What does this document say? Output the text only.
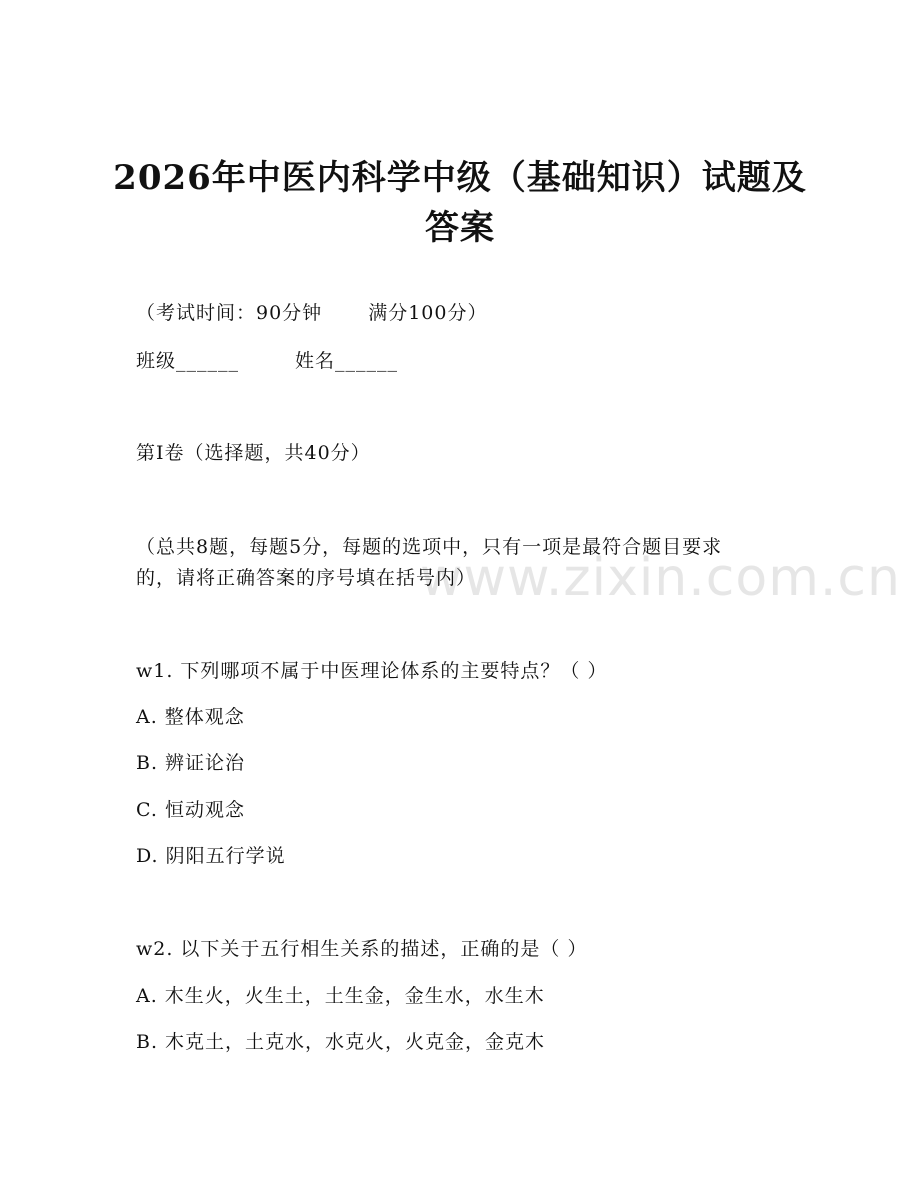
www.zixin.com.cn
2026年中医内科学中级（基础知识）试题及
答案

（考试时间：90分钟 满分100分）

班级______	姓名______

第I卷（选择题，共40分）

（总共8题，每题5分，每题的选项中，只有一项是最符合题目要求

的，请将正确答案的序号填在括号内）

w1. 下列哪项不属于中医理论体系的主要特点？（ ）

A. 整体观念

B. 辨证论治

C. 恒动观念

D. 阴阳五行学说

w2. 以下关于五行相生关系的描述，正确的是（ ）

A. 木生火，火生土，土生金，金生水，水生木

B. 木克土，土克水，水克火，火克金，金克木
